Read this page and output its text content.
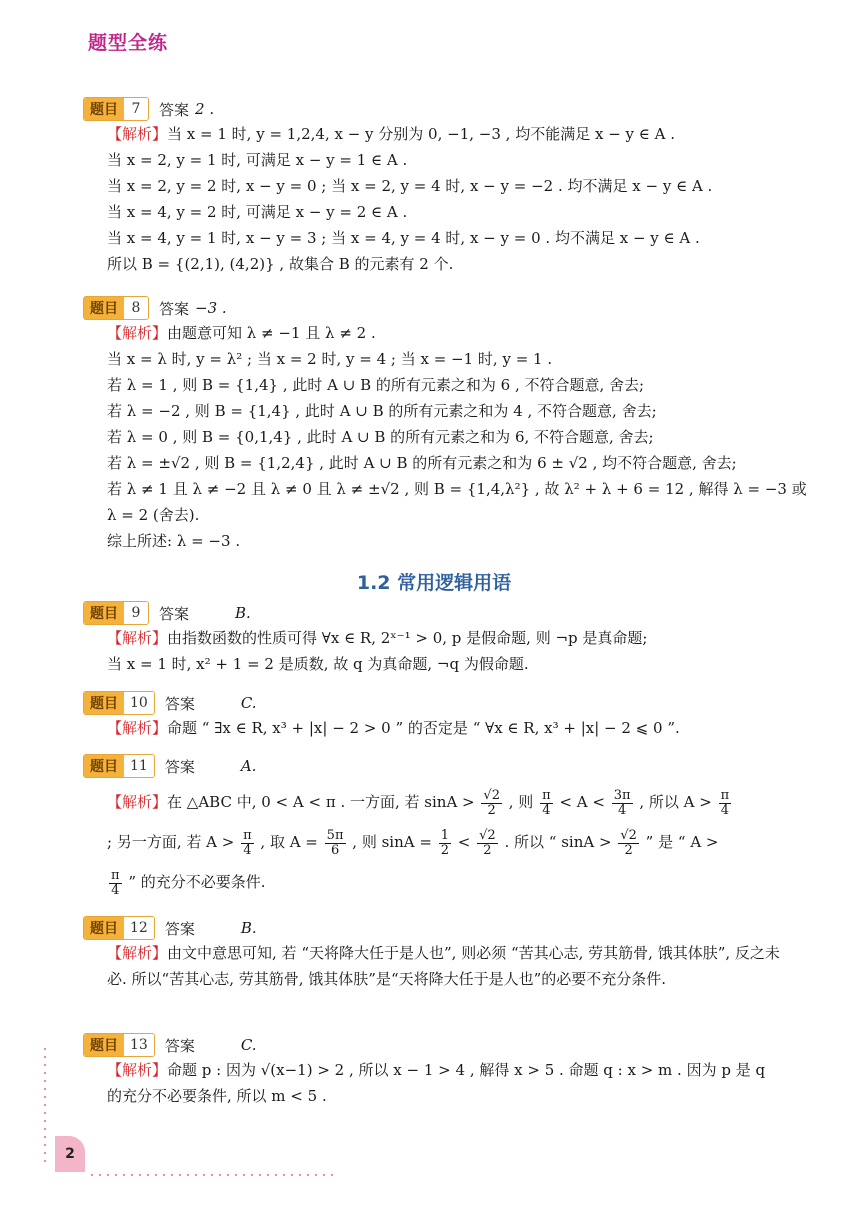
题型全练
题目 7	答案 2 .
【解析】当 x = 1 时, y = 1,2,4, x − y 分别为 0, −1, −3 , 均不能满足 x − y ∈ A .
当 x = 2, y = 1 时, 可满足 x − y = 1 ∈ A .
当 x = 2, y = 2 时, x − y = 0 ; 当 x = 2, y = 4 时, x − y = −2 . 均不满足 x − y ∈ A .
当 x = 4, y = 2 时, 可满足 x − y = 2 ∈ A .
当 x = 4, y = 1 时, x − y = 3 ; 当 x = 4, y = 4 时, x − y = 0 . 均不满足 x − y ∈ A .
所以 B = {(2,1), (4,2)} , 故集合 B 的元素有 2 个.
题目 8	答案 −3 .
【解析】由题意可知 λ ≠ −1 且 λ ≠ 2 .
当 x = λ 时, y = λ² ; 当 x = 2 时, y = 4 ; 当 x = −1 时, y = 1 .
若 λ = 1 , 则 B = {1,4} , 此时 A ∪ B 的所有元素之和为 6 , 不符合题意, 舍去;
若 λ = −2 , 则 B = {1,4} , 此时 A ∪ B 的所有元素之和为 4 , 不符合题意, 舍去;
若 λ = 0 , 则 B = {0,1,4} , 此时 A ∪ B 的所有元素之和为 6, 不符合题意, 舍去;
若 λ = ±√2 , 则 B = {1,2,4} , 此时 A ∪ B 的所有元素之和为 6 ± √2 , 均不符合题意, 舍去;
若 λ ≠ 1 且 λ ≠ −2 且 λ ≠ 0 且 λ ≠ ±√2 , 则 B = {1,4,λ²} , 故 λ² + λ + 6 = 12 , 解得 λ = −3 或
λ = 2 (舍去).
综上所述: λ = −3 .
1.2 常用逻辑用语
题目 9	答案	B.
【解析】由指数函数的性质可得 ∀x ∈ R, 2ˣ⁻¹ > 0, p 是假命题, 则 ¬p 是真命题;
当 x = 1 时, x² + 1 = 2 是质数, 故 q 为真命题, ¬q 为假命题.
题目 10	答案	C.
【解析】命题 “ ∃x ∈ R, x³ + |x| − 2 > 0 ” 的否定是 “ ∀x ∈ R, x³ + |x| − 2 ⩽ 0 ”.
题目 11	答案	A.
【解析】在 △ABC 中, 0 < A < π . 一方面, 若 $\sin A > \frac{√2}{2}$ , 则 $\frac{\pi}{4} < A < \frac{3\pi}{4}$ , 所以 $A > \frac{\pi}{4}$
; 另一方面, 若 $A > \frac{\pi}{4}$ , 取 $A = \frac{5\pi}{6}$ , 则 $\sin A = \frac{1}{2} < \frac{√2}{2}$ . 所以 “ $\sin A > \frac{√2}{2}$ ” 是 “ A >
$\frac{\pi}{4}$ ” 的充分不必要条件.
题目 12	答案	B.
【解析】由文中意思可知, 若 “天将降大任于是人也”, 则必须 “苦其心志, 劳其筋骨, 饿其体肤”, 反之未必. 所以“苦其心志, 劳其筋骨, 饿其体肤”是“天将降大任于是人也”的必要不充分条件.
题目 13	答案	C.
【解析】命题 p : 因为 √(x−1) > 2 , 所以 x − 1 > 4 , 解得 x > 5 . 命题 q : x > m . 因为 p 是 q
的充分不必要条件, 所以 m < 5 .
2
